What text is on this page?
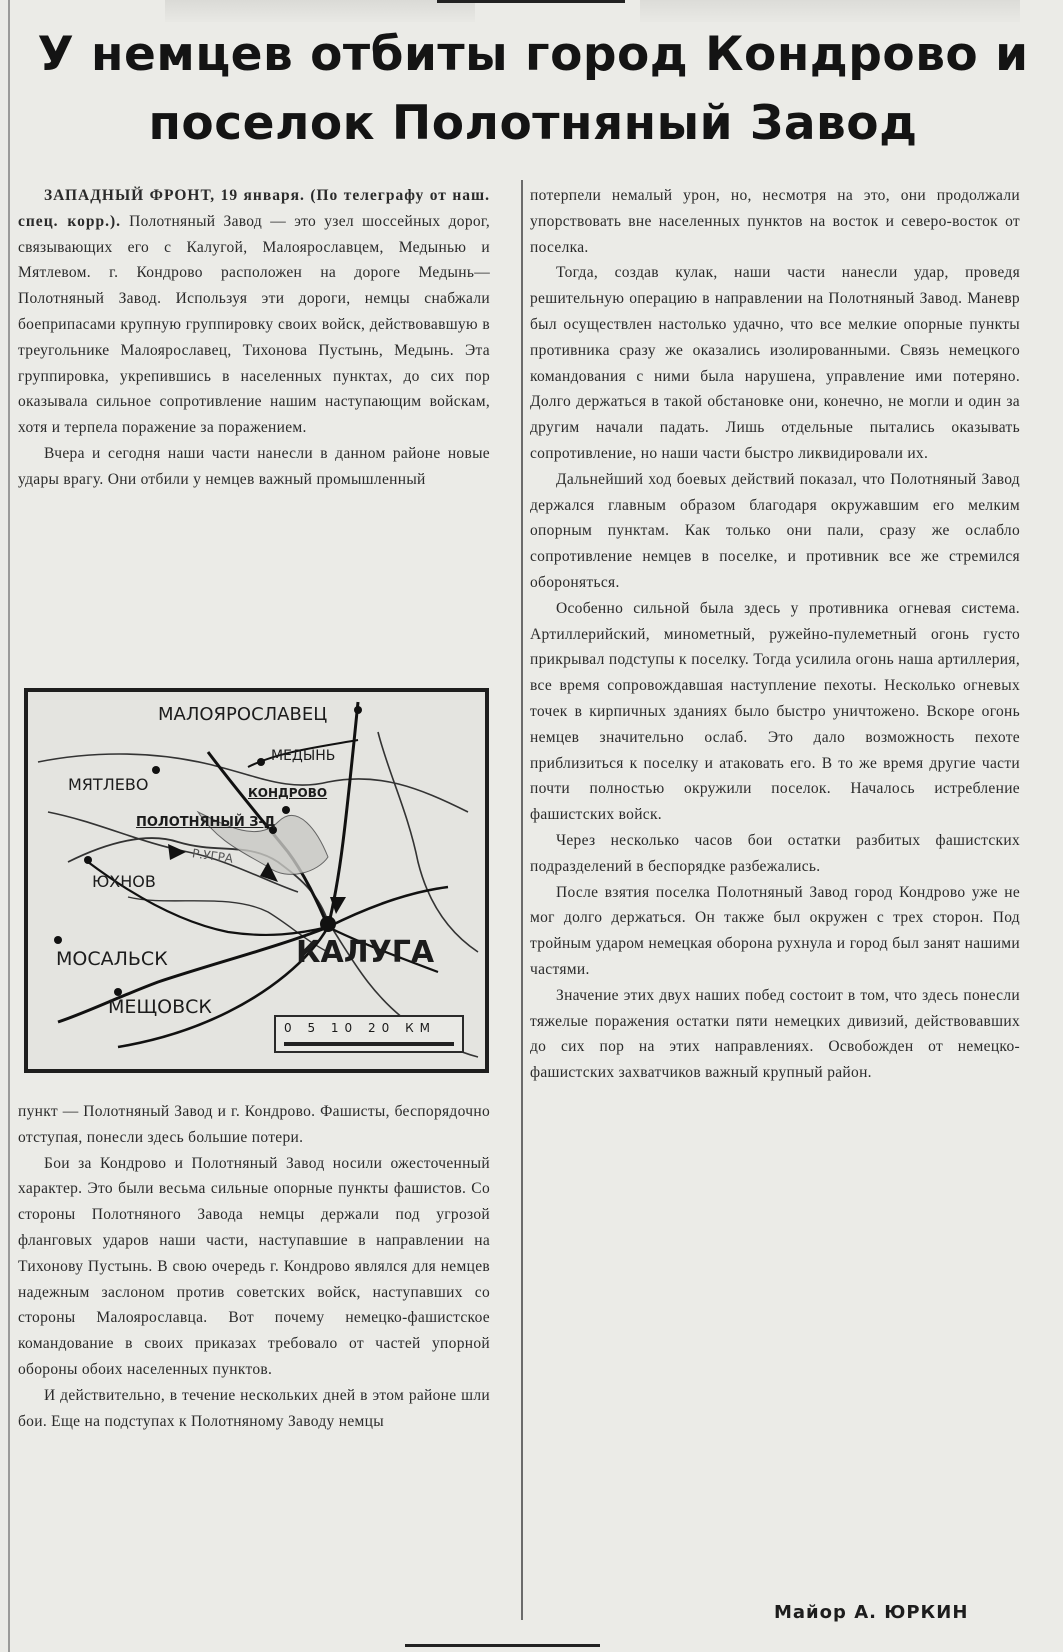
У немцев отбиты город Кондрово и поселок Полотняный Завод

ЗАПАДНЫЙ ФРОНТ, 19 января. (По телеграфу от наш. спец. корр.). Полотняный Завод — это узел шоссейных дорог, связывающих его с Калугой, Малоярославцем, Медынью и Мятлевом. г. Кондрово расположен на дороге Медынь—Полотняный Завод. Используя эти дороги, немцы снабжали боеприпасами крупную группировку своих войск, действовавшую в треугольнике Малоярославец, Тихонова Пустынь, Медынь. Эта группировка, укрепившись в населенных пунктах, до сих пор оказывала сильное сопротивление нашим наступающим войскам, хотя и терпела поражение за поражением.

Вчера и сегодня наши части нанесли в данном районе новые удары врагу. Они отбили у немцев важный промышленный

МАЛОЯРОСЛАВЕЦ
МЕДЫНЬ
МЯТЛЕВО	КОНДРОВО
ПОЛОТНЯНЫЙ З-Д
Р.УГРА
ЮХНОВ
КАЛУГА
МОСАЛЬСК
МЕЩОВСК
0 5 10 20 КМ

пункт — Полотняный Завод и г. Кондрово. Фашисты, беспорядочно отступая, понесли здесь большие потери.

Бои за Кондрово и Полотняный Завод носили ожесточенный характер. Это были весьма сильные опорные пункты фашистов. Со стороны Полотняного Завода немцы держали под угрозой фланговых ударов наши части, наступавшие в направлении на Тихонову Пустынь. В свою очередь г. Кондрово являлся для немцев надежным заслоном против советских войск, наступавших со стороны Малоярославца. Вот почему немецко-фашистское командование в своих приказах требовало от частей упорной обороны обоих населенных пунктов.

И действительно, в течение нескольких дней в этом районе шли бои. Еще на подступах к Полотняному Заводу немцы

потерпели немалый урон, но, несмотря на это, они продолжали упорствовать вне населенных пунктов на восток и северо-восток от поселка.

Тогда, создав кулак, наши части нанесли удар, проведя решительную операцию в направлении на Полотняный Завод. Маневр был осуществлен настолько удачно, что все мелкие опорные пункты противника сразу же оказались изолированными. Связь немецкого командования с ними была нарушена, управление ими потеряно. Долго держаться в такой обстановке они, конечно, не могли и один за другим начали падать. Лишь отдельные пытались оказывать сопротивление, но наши части быстро ликвидировали их.

Дальнейший ход боевых действий показал, что Полотняный Завод держался главным образом благодаря окружавшим его мелким опорным пунктам. Как только они пали, сразу же ослабло сопротивление немцев в поселке, и противник все же стремился обороняться.

Особенно сильной была здесь у противника огневая система. Артиллерийский, минометный, ружейно-пулеметный огонь густо прикрывал подступы к поселку. Тогда усилила огонь наша артиллерия, все время сопровождавшая наступление пехоты. Несколько огневых точек в кирпичных зданиях было быстро уничтожено. Вскоре огонь немцев значительно ослаб. Это дало возможность пехоте приблизиться к поселку и атаковать его. В то же время другие части почти полностью окружили поселок. Началось истребление фашистских войск.

Через несколько часов бои остатки разбитых фашистских подразделений в беспорядке разбежались.

После взятия поселка Полотняный Завод город Кондрово уже не мог долго держаться. Он также был окружен с трех сторон. Под тройным ударом немецкая оборона рухнула и город был занят нашими частями.

Значение этих двух наших побед состоит в том, что здесь понесли тяжелые поражения остатки пяти немецких дивизий, действовавших до сих пор на этих направлениях. Освобожден от немецко-фашистских захватчиков важный крупный район.

Майор А. ЮРКИН
